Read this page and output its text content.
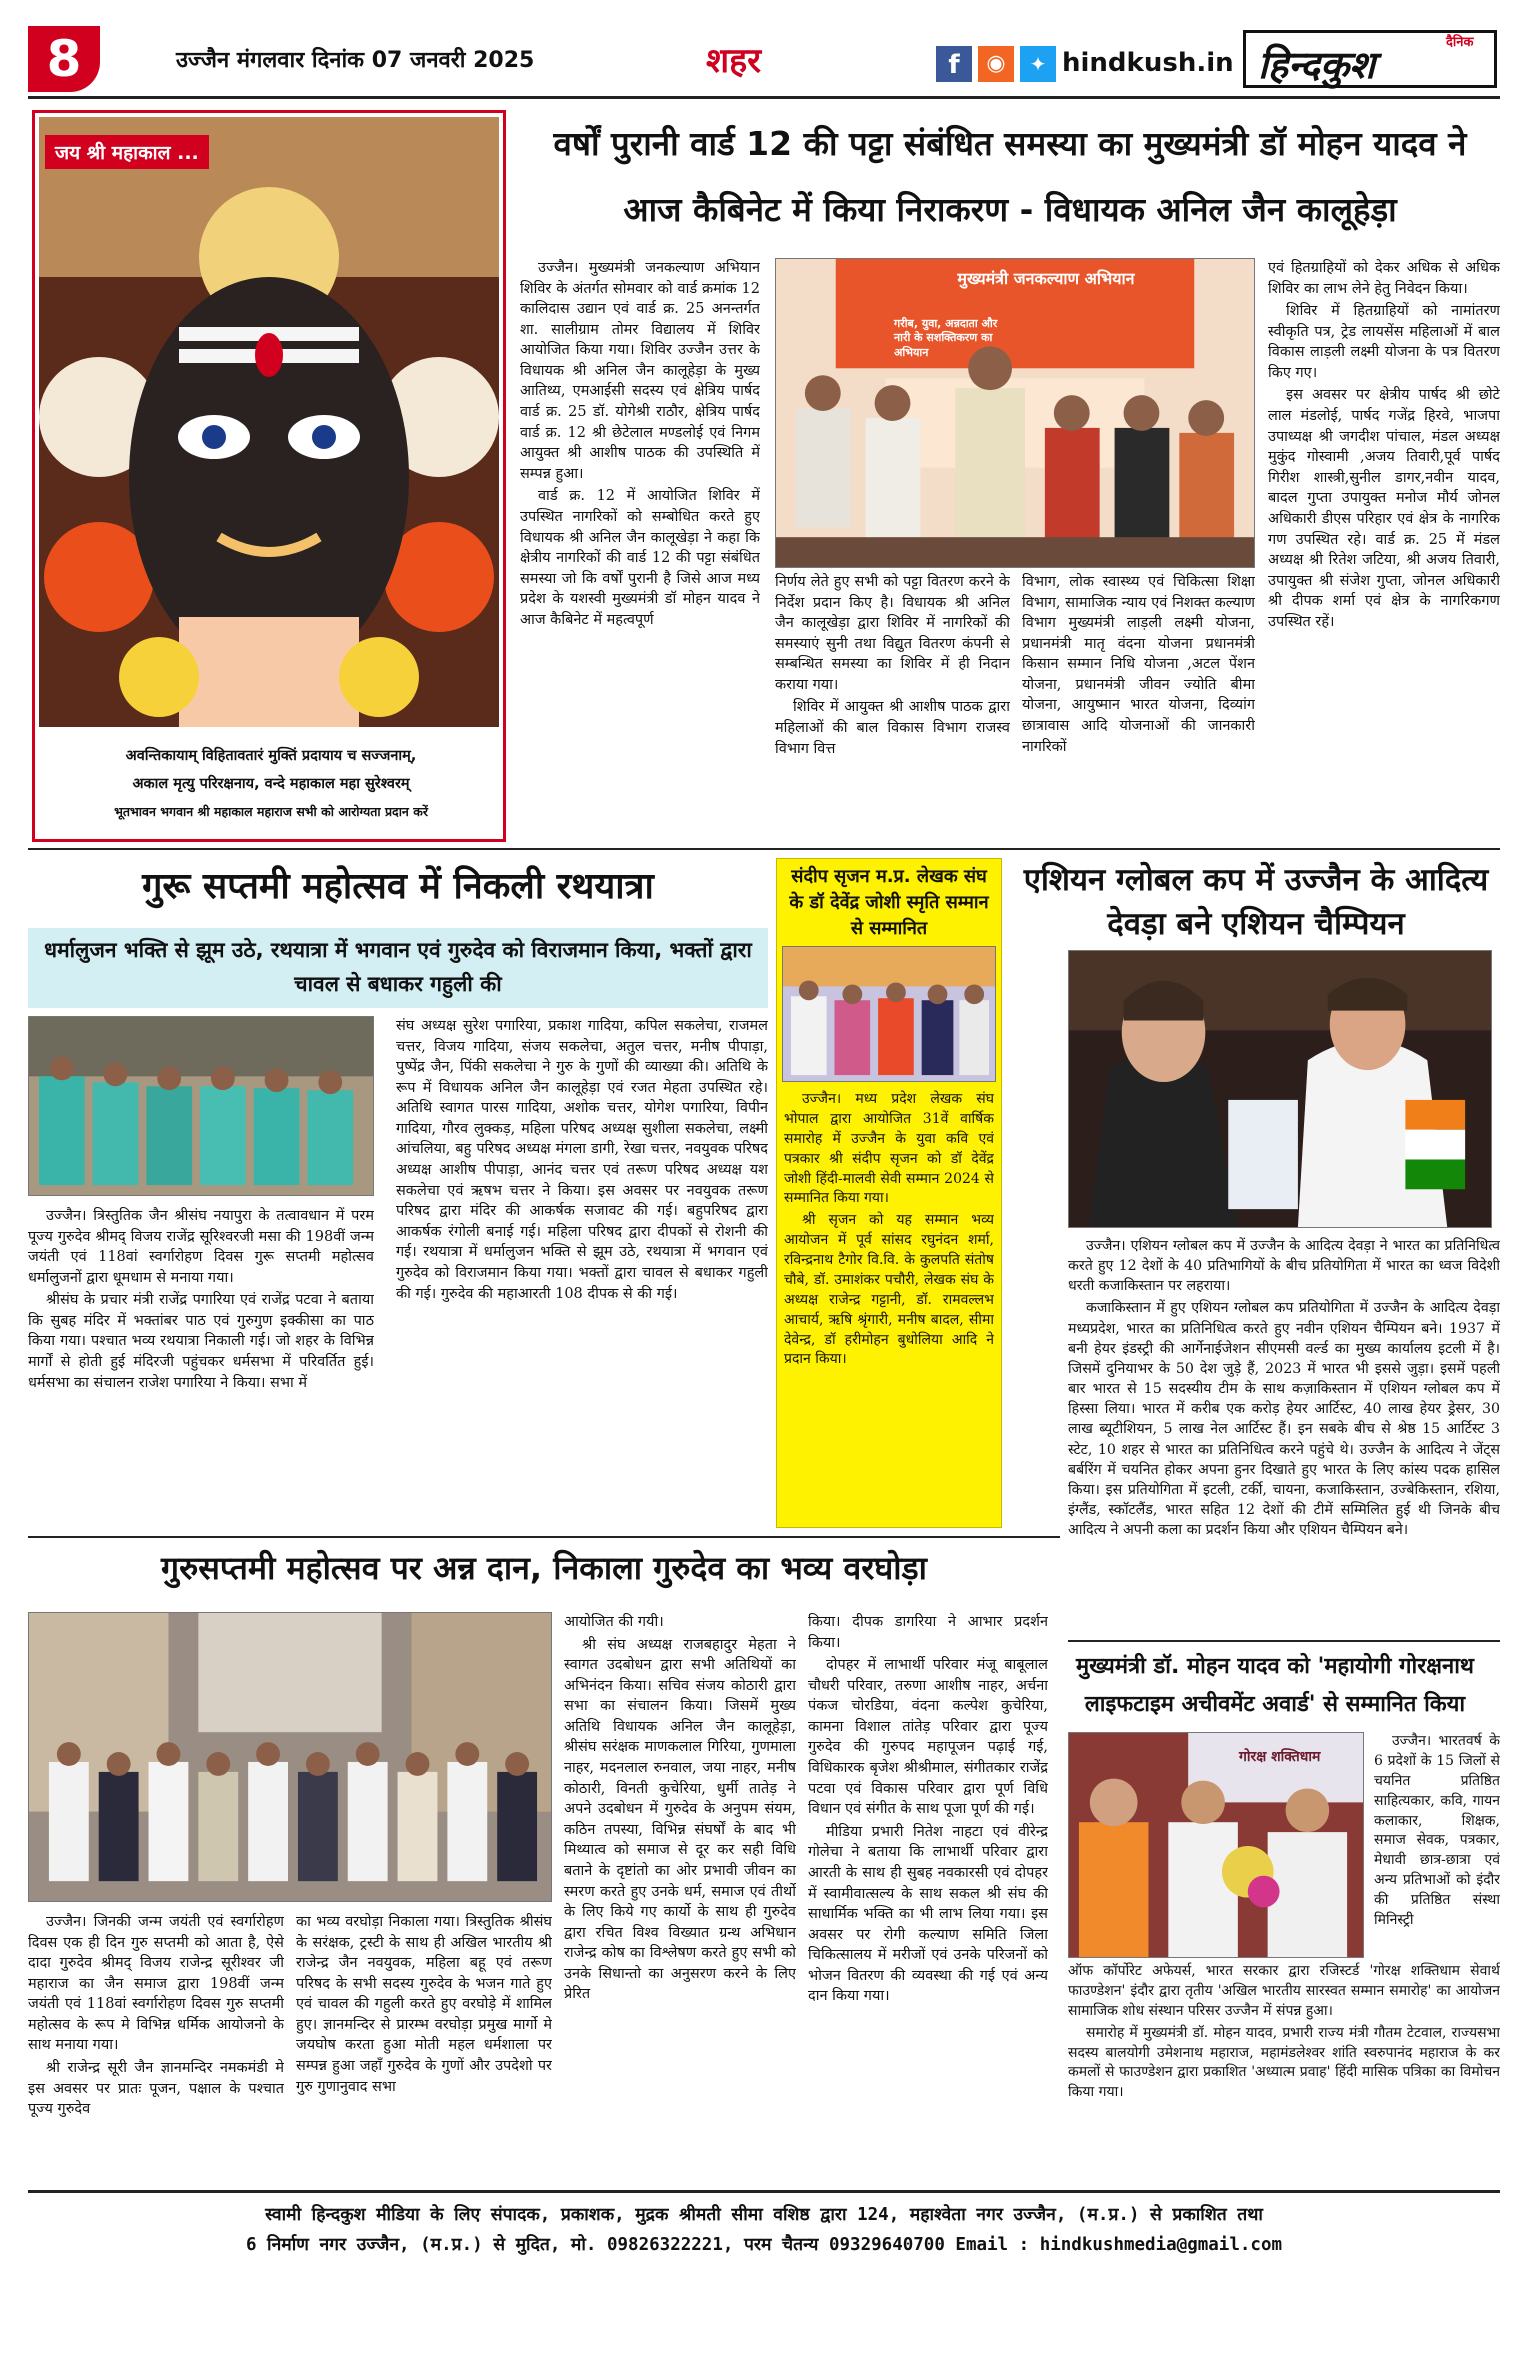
8	उज्जैन मंगलवार दिनांक 07 जनवरी 2025	शहर	f	◉	✦ hindkush.in
दैनिक
हिन्दकुश
जय श्री महाकाल ...
अवन्तिकायाम् विहितावतारं मुक्तिं प्रदायाय च सज्जनाम्,
अकाल मृत्यु परिरक्षनाय, वन्दे महाकाल महा सुरेश्वरम्
भूतभावन भगवान श्री महाकाल महाराज सभी को आरोग्यता प्रदान करें
वर्षों पुरानी वार्ड 12 की पट्टा संबंधित समस्या का मुख्यमंत्री डॉ मोहन यादव ने
आज कैबिनेट में किया निराकरण - विधायक अनिल जैन कालूहेड़ा

उज्जैन। मुख्यमंत्री जनकल्याण अभियान शिविर के अंतर्गत सोमवार को वार्ड क्रमांक 12 कालिदास उद्यान एवं वार्ड क्र. 25 अनन्तर्गत शा. सालीग्राम तोमर विद्यालय में शिविर आयोजित किया गया। शिविर उज्जैन उत्तर के विधायक श्री अनिल जैन कालूहेड़ा के मुख्य आतिथ्य, एमआईसी सदस्य एवं क्षेत्रिय पार्षद वार्ड क्र. 25 डॉ. योगेश्री राठौर, क्षेत्रिय पार्षद वार्ड क्र. 12 श्री छेटेलाल मण्डलोई एवं निगम आयुक्त श्री आशीष पाठक की उपस्थिति में सम्पन्न हुआ।

वार्ड क्र. 12 में आयोजित शिविर में उपस्थित नागरिकों को सम्बोधित करते हुए विधायक श्री अनिल जैन कालूखेड़ा ने कहा कि क्षेत्रीय नागरिकों की वार्ड 12 की पट्टा संबंधित समस्या जो कि वर्षों पुरानी है जिसे आज मध्य प्रदेश के यशस्वी मुख्यमंत्री डॉ मोहन यादव ने आज कैबिनेट में महत्वपूर्ण

मुख्यमंत्री जनकल्याण अभियान
गरीब, युवा, अन्नदाता और नारी के सशक्तिकरण का अभियान

निर्णय लेते हुए सभी को पट्टा वितरण करने के निर्देश प्रदान किए है। विधायक श्री अनिल जैन कालूखेड़ा द्वारा शिविर में नागरिकों की समस्याएं सुनी तथा विद्युत वितरण कंपनी से सम्बन्धित समस्या का शिविर में ही निदान कराया गया।

शिविर में आयुक्त श्री आशीष पाठक द्वारा महिलाओं की बाल विकास विभाग राजस्व विभाग वित्त

विभाग, लोक स्वास्थ्य एवं चिकित्सा शिक्षा विभाग, सामाजिक न्याय एवं निशक्त कल्याण विभाग मुख्यमंत्री लाड़ली लक्ष्मी योजना, प्रधानमंत्री मातृ वंदना योजना प्रधानमंत्री किसान सम्मान निधि योजना ,अटल पेंशन योजना, प्रधानमंत्री जीवन ज्योति बीमा योजना, आयुष्मान भारत योजना, दिव्यांग छात्रावास आदि योजनाओं की जानकारी नागरिकों

एवं हितग्राहियों को देकर अधिक से अधिक शिविर का लाभ लेने हेतु निवेदन किया।

शिविर में हितग्राहियों को नामांतरण स्वीकृति पत्र, ट्रेड लायसेंस महिलाओं में बाल विकास लाड़ली लक्ष्मी योजना के पत्र वितरण किए गए।

इस अवसर पर क्षेत्रीय पार्षद श्री छोटे लाल मंडलोई, पार्षद गजेंद्र हिरवे, भाजपा उपाध्यक्ष श्री जगदीश पांचाल, मंडल अध्यक्ष मुकुंद गोस्वामी ,अजय तिवारी,पूर्व पार्षद गिरीश शास्त्री,सुनील डागर,नवीन यादव, बादल गुप्ता उपायुक्त मनोज मौर्य जोनल अधिकारी डीएस परिहार एवं क्षेत्र के नागरिक गण उपस्थित रहे। वार्ड क्र. 25 में मंडल अध्यक्ष श्री रितेश जटिया, श्री अजय तिवारी, उपायुक्त श्री संजेश गुप्ता, जोनल अधिकारी श्री दीपक शर्मा एवं क्षेत्र के नागरिकगण उपस्थित रहें।

गुरू सप्तमी महोत्सव में निकली रथयात्रा
धर्मालुजन भक्ति से झूम उठे, रथयात्रा में भगवान एवं गुरुदेव को विराजमान किया, भक्तों द्वारा चावल से बधाकर गहुली की

उज्जैन। त्रिस्तुतिक जैन श्रीसंघ नयापुरा के तत्वावधान में परम पूज्य गुरुदेव श्रीमद् विजय राजेंद्र सूरिश्वरजी मसा की 198वीं जन्म जयंती एवं 118वां स्वर्गारोहण दिवस गुरू सप्तमी महोत्सव धर्मालुजनों द्वारा धूमधाम से मनाया गया।

श्रीसंघ के प्रचार मंत्री राजेंद्र पगारिया एवं राजेंद्र पटवा ने बताया कि सुबह मंदिर में भक्तांबर पाठ एवं गुरुगुण इक्कीसा का पाठ किया गया। पश्चात भव्य रथयात्रा निकाली गई। जो शहर के विभिन्न मार्गों से होती हुई मंदिरजी पहुंचकर धर्मसभा में परिवर्तित हुई। धर्मसभा का संचालन राजेश पगारिया ने किया। सभा में

संघ अध्यक्ष सुरेश पगारिया, प्रकाश गादिया, कपिल सकलेचा, राजमल चत्तर, विजय गादिया, संजय सकलेचा, अतुल चत्तर, मनीष पीपाड़ा, पुष्पेंद्र जैन, पिंकी सकलेचा ने गुरु के गुणों की व्याख्या की। अतिथि के रूप में विधायक अनिल जैन कालूहेड़ा एवं रजत मेहता उपस्थित रहे। अतिथि स्वागत पारस गादिया, अशोक चत्तर, योगेश पगारिया, विपीन गादिया, गौरव लुक्कड़, महिला परिषद अध्यक्ष सुशीला सकलेचा, लक्ष्मी आंचलिया, बहु परिषद अध्यक्ष मंगला डागी, रेखा चत्तर, नवयुवक परिषद अध्यक्ष आशीष पीपाड़ा, आनंद चत्तर एवं तरूण परिषद अध्यक्ष यश सकलेचा एवं ऋषभ चत्तर ने किया। इस अवसर पर नवयुवक तरूण परिषद द्वारा मंदिर की आकर्षक सजावट की गई। बहुपरिषद द्वारा आकर्षक रंगोली बनाई गई। महिला परिषद द्वारा दीपकों से रोशनी की गई। रथयात्रा में धर्मालुजन भक्ति से झूम उठे, रथयात्रा में भगवान एवं गुरुदेव को विराजमान किया गया। भक्तों द्वारा चावल से बधाकर गहुली की गई। गुरुदेव की महाआरती 108 दीपक से की गई।

संदीप सृजन म.प्र. लेखक संघ के डॉ देवेंद्र जोशी स्मृति सम्मान से सम्मानित

उज्जैन। मध्य प्रदेश लेखक संघ भोपाल द्वारा आयोजित 31वें वार्षिक समारोह में उज्जैन के युवा कवि एवं पत्रकार श्री संदीप सृजन को डॉ देवेंद्र जोशी हिंदी-मालवी सेवी सम्मान 2024 से सम्मानित किया गया।

श्री सृजन को यह सम्मान भव्य आयोजन में पूर्व सांसद रघुनंदन शर्मा, रविन्द्रनाथ टैगोर वि.वि. के कुलपति संतोष चौबे, डॉ. उमाशंकर पचौरी, लेखक संघ के अध्यक्ष राजेन्द्र गट्टानी, डॉ. रामवल्लभ आचार्य, ऋषि श्रृंगारी, मनीष बादल, सीमा देवेन्द्र, डॉ हरीमोहन बुधोलिया आदि ने प्रदान किया।

एशियन ग्लोबल कप में उज्जैन के आदित्य देवड़ा बने एशियन चैम्पियन

उज्जैन। एशियन ग्लोबल कप में उज्जैन के आदित्य देवड़ा ने भारत का प्रतिनिधित्व करते हुए 12 देशों के 40 प्रतिभागियों के बीच प्रतियोगिता में भारत का ध्वज विदेशी धरती कजाकिस्तान पर लहराया।

कजाकिस्तान में हुए एशियन ग्लोबल कप प्रतियोगिता में उज्जैन के आदित्य देवड़ा मध्यप्रदेश, भारत का प्रतिनिधित्व करते हुए नवीन एशियन चैम्पियन बने। 1937 में बनी हेयर इंडस्ट्री की आर्गेनाईजेशन सीएमसी वर्ल्ड का मुख्य कार्यालय इटली में है। जिसमें दुनियाभर के 50 देश जुड़े हैं, 2023 में भारत भी इससे जुड़ा। इसमें पहली बार भारत से 15 सदस्यीय टीम के साथ कज़ाकिस्तान में एशियन ग्लोबल कप में हिस्सा लिया। भारत में करीब एक करोड़ हेयर आर्टिस्ट, 40 लाख हेयर ड्रेसर, 30 लाख ब्यूटीशियन, 5 लाख नेल आर्टिस्ट हैं। इन सबके बीच से श्रेष्ठ 15 आर्टिस्ट 3 स्टेट, 10 शहर से भारत का प्रतिनिधित्व करने पहुंचे थे। उज्जैन के आदित्य ने जेंट्स बर्बरिंग में चयनित होकर अपना हुनर दिखाते हुए भारत के लिए कांस्य पदक हासिल किया। इस प्रतियोगिता में इटली, टर्की, चायना, कजाकिस्तान, उज्बेकिस्तान, रशिया, इंग्लैंड, स्कॉटलैंड, भारत सहित 12 देशों की टीमें सम्मिलित हुई थी जिनके बीच आदित्य ने अपनी कला का प्रदर्शन किया और एशियन चैम्पियन बने।

गुरुसप्तमी महोत्सव पर अन्न दान, निकाला गुरुदेव का भव्य वरघोड़ा

उज्जैन। जिनकी जन्म जयंती एवं स्वर्गारोहण दिवस एक ही दिन गुरु सप्तमी को आता है, ऐसे दादा गुरुदेव श्रीमद् विजय राजेन्द्र सूरीश्वर जी महाराज का जैन समाज द्वारा 198वीं जन्म जयंती एवं 118वां स्वर्गारोहण दिवस गुरु सप्तमी महोत्सव के रूप मे विभिन्न धर्मिक आयोजनो के साथ मनाया गया।

श्री राजेन्द्र सूरी जैन ज्ञानमन्दिर नमकमंडी मे इस अवसर पर प्रातः पूजन, पक्षाल के पश्चात पूज्य गुरुदेव

का भव्य वरघोड़ा निकाला गया। त्रिस्तुतिक श्रीसंघ के सरंक्षक, ट्रस्टी के साथ ही अखिल भारतीय श्री राजेन्द्र जैन नवयुवक, महिला बहू एवं तरूण परिषद के सभी सदस्य गुरुदेव के भजन गाते हुए एवं चावल की गहुली करते हुए वरघोड़े में शामिल हुए। ज्ञानमन्दिर से प्रारम्भ वरघोड़ा प्रमुख मार्गो मे जयघोष करता हुआ मोती महल धर्मशाला पर सम्पन्न हुआ जहाँ गुरुदेव के गुणों और उपदेशो पर गुरु गुणानुवाद सभा

आयोजित की गयी।

श्री संघ अध्यक्ष राजबहादुर मेहता ने स्वागत उदबोधन द्वारा सभी अतिथियों का अभिनंदन किया। सचिव संजय कोठारी द्वारा सभा का संचालन किया। जिसमें मुख्य अतिथि विधायक अनिल जैन कालूहेड़ा, श्रीसंघ सरंक्षक माणकलाल गिरिया, गुणमाला नाहर, मदनलाल रुनवाल, जया नाहर, मनीष कोठारी, विनती कुचेरिया, धुर्मी तातेड़ ने अपने उदबोधन में गुरुदेव के अनुपम संयम, कठिन तपस्या, विभिन्न संघर्षों के बाद भी मिथ्यात्व को समाज से दूर कर सही विधि बताने के दृष्टांतो का ओर प्रभावी जीवन का स्मरण करते हुए उनके धर्म, समाज एवं तीर्थो के लिए किये गए कार्यो के साथ ही गुरुदेव द्वारा रचित विश्व विख्यात ग्रन्थ अभिधान राजेन्द्र कोष का विश्लेषण करते हुए सभी को उनके सिधान्तो का अनुसरण करने के लिए प्रेरित

किया। दीपक डागरिया ने आभार प्रदर्शन किया।

दोपहर में लाभार्थी परिवार मंजू बाबूलाल चौधरी परिवार, तरुणा आशीष नाहर, अर्चना पंकज चोरडिया, वंदना कल्पेश कुचेरिया, कामना विशाल तांतेड़ परिवार द्वारा पूज्य गुरुदेव की गुरुपद महापूजन पढ़ाई गई, विधिकारक बृजेश श्रीश्रीमाल, संगीतकार राजेंद्र पटवा एवं विकास परिवार द्वारा पूर्ण विधि विधान एवं संगीत के साथ पूजा पूर्ण की गई।

मीडिया प्रभारी नितेश नाहटा एवं वीरेन्द्र गोलेचा ने बताया कि लाभार्थी परिवार द्वारा आरती के साथ ही सुबह नवकारसी एवं दोपहर में स्वामीवात्सल्य के साथ सकल श्री संघ की साधार्मिक भक्ति का भी लाभ लिया गया। इस अवसर पर रोगी कल्याण समिति जिला चिकित्सालय में मरीजों एवं उनके परिजनों को भोजन वितरण की व्यवस्था की गई एवं अन्य दान किया गया।

मुख्यमंत्री डॉ. मोहन यादव को 'महायोगी गोरक्षनाथ
लाइफटाइम अचीवमेंट अवार्ड' से सम्मानित किया
गोरक्ष शक्तिधाम

उज्जैन। भारतवर्ष के 6 प्रदेशों के 15 जिलों से चयनित प्रतिष्ठित साहित्यकार, कवि, गायन कलाकार, शिक्षक, समाज सेवक, पत्रकार, मेधावी छात्र-छात्रा एवं अन्य प्रतिभाओं को इंदौर की प्रतिष्ठित संस्था मिनिस्ट्री

ऑफ कॉर्पोरेट अफेयर्स, भारत सरकार द्वारा रजिस्टर्ड 'गोरक्ष शक्तिधाम सेवार्थ फाउण्डेशन' इंदौर द्वारा तृतीय 'अखिल भारतीय सारस्वत सम्मान समारोह' का आयोजन सामाजिक शोध संस्थान परिसर उज्जैन में संपन्न हुआ।

समारोह में मुख्यमंत्री डॉ. मोहन यादव, प्रभारी राज्य मंत्री गौतम टेटवाल, राज्यसभा सदस्य बालयोगी उमेशनाथ महाराज, महामंडलेश्वर शांति स्वरुपानंद महाराज के कर कमलों से फाउण्डेशन द्वारा प्रकाशित 'अध्यात्म प्रवाह' हिंदी मासिक पत्रिका का विमोचन किया गया।

स्वामी हिन्दकुश मीडिया के लिए संपादक, प्रकाशक, मुद्रक श्रीमती सीमा वशिष्ठ द्वारा 124, महाश्वेता नगर उज्जैन, (म.प्र.) से प्रकाशित तथा
6 निर्माण नगर उज्जैन, (म.प्र.) से मुदित, मो. 09826322221, परम चैतन्य 09329640700 Email : hindkushmedia@gmail.com
